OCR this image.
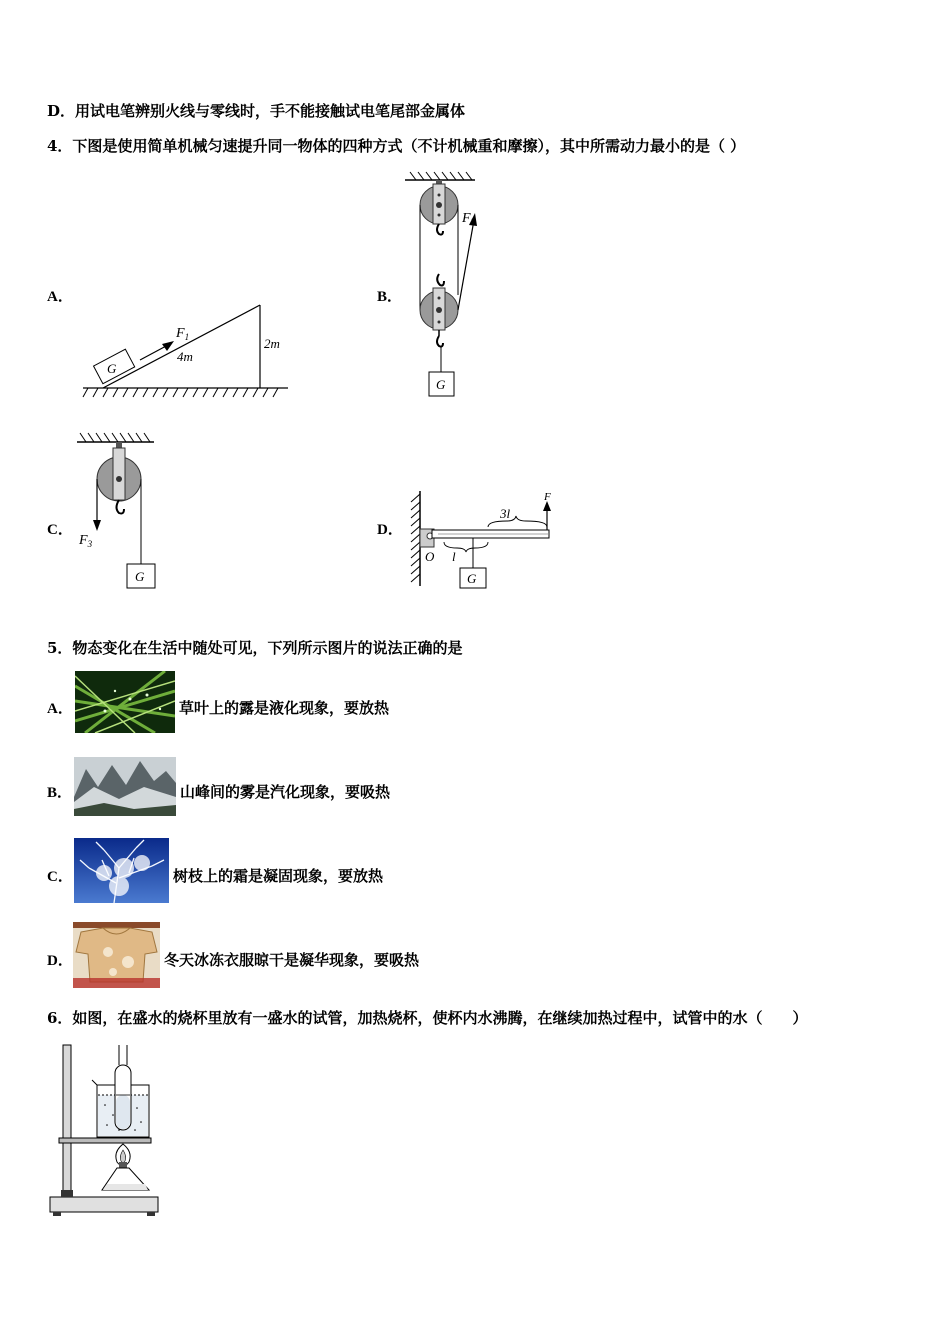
D．用试电笔辨别火线与零线时，手不能接触试电笔尾部金属体
4．下图是使用简单机械匀速提升同一物体的四种方式（不计机械重和摩擦），其中所需动力最小的是（ ）
A．	B．
C．	D．
G
$F_1$
4m
2m
$F_2$
G
$F_3$
G
O l
3l
F
G
5．物态变化在生活中随处可见，下列所示图片的说法正确的是
A．	草叶上的露是液化现象，要放热
B．	山峰间的雾是汽化现象，要吸热
C．	树枝上的霜是凝固现象，要放热
D．	冬天冰冻衣服晾干是凝华现象，要吸热
6．如图，在盛水的烧杯里放有一盛水的试管，加热烧杯，使杯内水沸腾，在继续加热过程中，试管中的水（　　）
